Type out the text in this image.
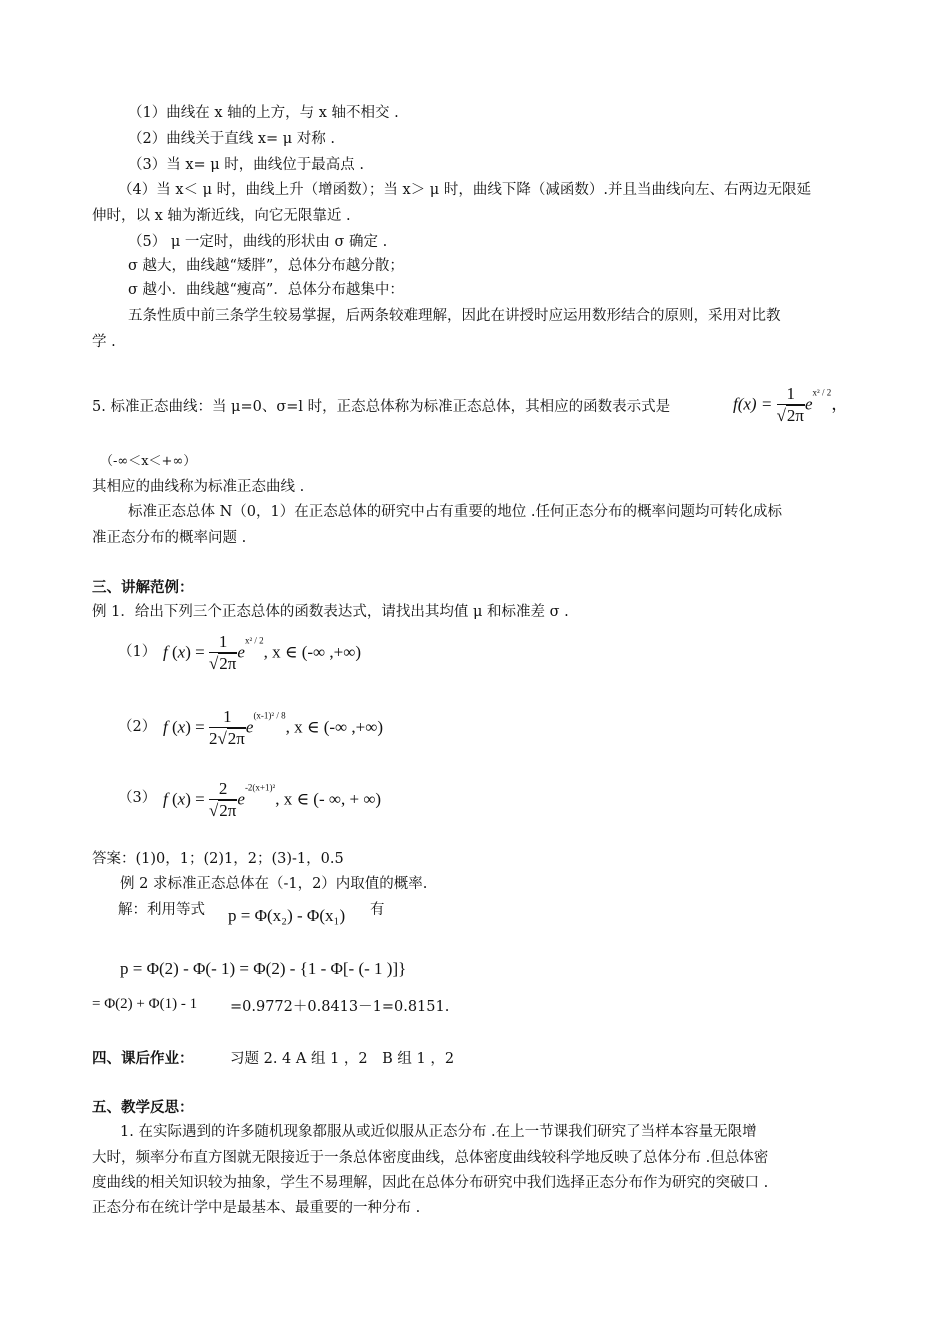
（1）曲线在 x 轴的上方，与 x 轴不相交 .
（2）曲线关于直线 x= μ 对称 .
（3）当 x= μ 时，曲线位于最高点 .
（4）当 x＜ μ 时，曲线上升（增函数）；当 x＞ μ 时，曲线下降（减函数）.并且当曲线向左、右两边无限延
伸时，以 x 轴为渐近线，向它无限靠近 .
（5） μ 一定时，曲线的形状由 σ 确定 .
σ 越大，曲线越“矮胖”，总体分布越分散；
σ 越小．曲线越“瘦高”．总体分布越集中：
五条性质中前三条学生较易掌握，后两条较难理解，因此在讲授时应运用数形结合的原则，采用对比教
学 .
5. 标准正态曲线：当 μ=0、σ=l 时，正态总体称为标准正态总体，其相应的函数表示式是	$f(x) = \frac{1}{√2\pi} e^{x^2 / 2}$，
（-∞＜x＜+∞）
其相应的曲线称为标准正态曲线 .
标准正态总体 N（0，1）在正态总体的研究中占有重要的地位 .任何正态分布的概率问题均可转化成标
准正态分布的概率问题 .
三、讲解范例：
例 1．给出下列三个正态总体的函数表达式，请找出其均值 μ 和标准差 σ .
（1） f $(x) = \frac{1}{√2\pi} e^{x^2 / 2}$, x ∈ (-∞ ,+∞)
（2） f $(x) = \frac{1}{2√2\pi} e^{(x-1)^2 / 8}$, x ∈ (-∞ ,+∞)
（3） f $(x) = \frac{2}{√2\pi} e^{-2(x+1)^2}$, x ∈ (- ∞, + ∞)
答案：(1)0，1；(2)1，2；(3)-1，0.5
例 2 求标准正态总体在（-1，2）内取值的概率.
解：利用等式 p = Φ(x₂) - Φ(x₁) 有
p = Φ(2) - Φ(- 1) = Φ(2) - {1 - Φ[- (- 1 )]}
= Φ(2) + Φ(1) - 1 =0.9772＋0.8413－1=0.8151.
四、课后作业：	习题 2. 4 A 组 1 ，2　B 组 1 ，2
五、教学反思：
1. 在实际遇到的许多随机现象都服从或近似服从正态分布 .在上一节课我们研究了当样本容量无限增
大时，频率分布直方图就无限接近于一条总体密度曲线，总体密度曲线较科学地反映了总体分布 .但总体密
度曲线的相关知识较为抽象，学生不易理解，因此在总体分布研究中我们选择正态分布作为研究的突破口 .
正态分布在统计学中是最基本、最重要的一种分布 .
